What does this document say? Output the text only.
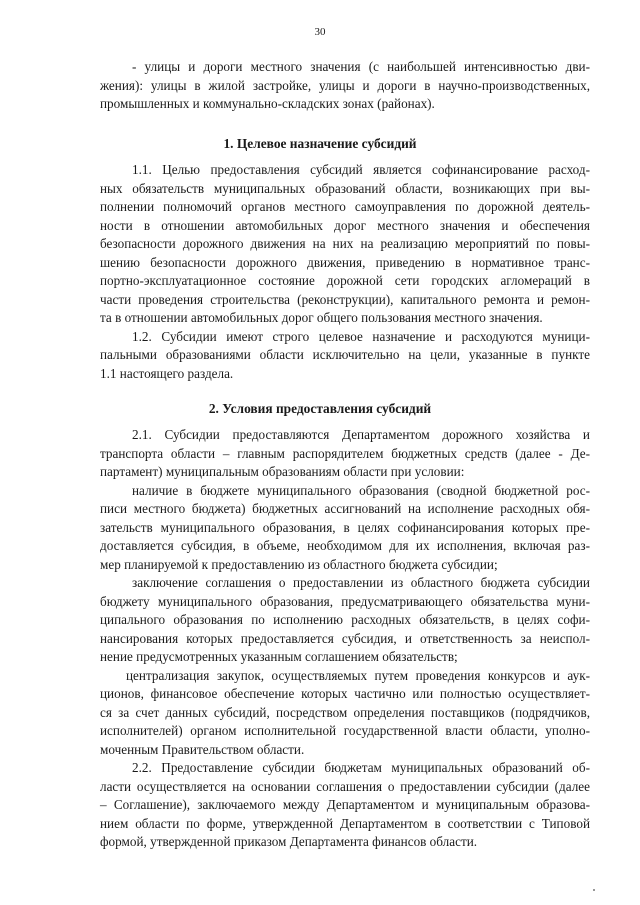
30
- улицы и дороги местного значения (с наибольшей интенсивностью дви-
жения): улицы в жилой застройке, улицы и дороги в научно-производственных,
промышленных и коммунально-складских зонах (районах).
1. Целевое назначение субсидий
1.1. Целью предоставления субсидий является софинансирование расход-
ных обязательств муниципальных образований области, возникающих при вы-
полнении полномочий органов местного самоуправления по дорожной деятель-
ности в отношении автомобильных дорог местного значения и обеспечения
безопасности дорожного движения на них на реализацию мероприятий по повы-
шению безопасности дорожного движения, приведению в нормативное транс-
портно-эксплуатационное состояние дорожной сети городских агломераций в
части проведения строительства (реконструкции), капитального ремонта и ремон-
та в отношении автомобильных дорог общего пользования местного значения.
1.2. Субсидии имеют строго целевое назначение и расходуются муници-
пальными образованиями области исключительно на цели, указанные в пункте
1.1 настоящего раздела.
2. Условия предоставления субсидий
2.1. Субсидии предоставляются Департаментом дорожного хозяйства и
транспорта области – главным распорядителем бюджетных средств (далее - Де-
партамент) муниципальным образованиям области при условии:
наличие в бюджете муниципального образования (сводной бюджетной рос-
писи местного бюджета) бюджетных ассигнований на исполнение расходных обя-
зательств муниципального образования, в целях софинансирования которых пре-
доставляется субсидия, в объеме, необходимом для их исполнения, включая раз-
мер планируемой к предоставлению из областного бюджета субсидии;
заключение соглашения о предоставлении из областного бюджета субсидии
бюджету муниципального образования, предусматривающего обязательства муни-
ципального образования по исполнению расходных обязательств, в целях софи-
нансирования которых предоставляется субсидия, и ответственность за неиспол-
нение предусмотренных указанным соглашением обязательств;
централизация закупок, осуществляемых путем проведения конкурсов и аук-
ционов, финансовое обеспечение которых частично или полностью осуществляет-
ся за счет данных субсидий, посредством определения поставщиков (подрядчиков,
исполнителей) органом исполнительной государственной власти области, уполно-
моченным Правительством области.
2.2. Предоставление субсидии бюджетам муниципальных образований об-
ласти осуществляется на основании соглашения о предоставлении субсидии (далее
– Соглашение), заключаемого между Департаментом и муниципальным образова-
нием области по форме, утвержденной Департаментом в соответствии с Типовой
формой, утвержденной приказом Департамента финансов области.
